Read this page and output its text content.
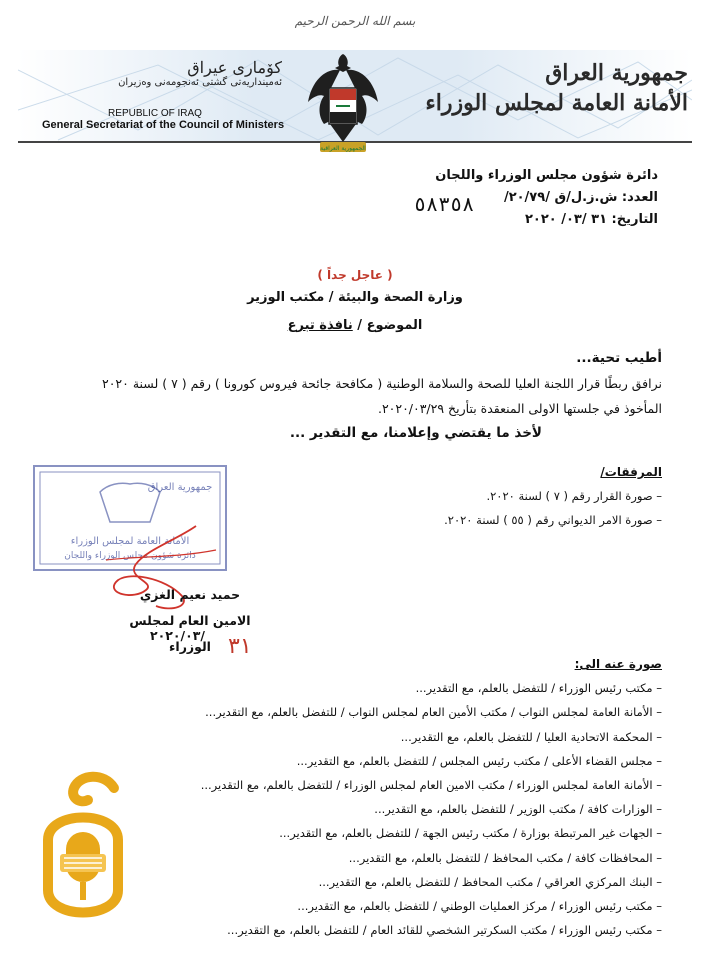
بسم الله الرحمن الرحيم
جمهورية العراق
الأمانة العامة لمجلس الوزراء
كۆماری عیراق
ئه‌مینداریه‌تی گشتی ئه‌نجومه‌نی وه‌زیران
REPUBLIC OF IRAQ
General Secretariat of the Council of Ministers
الجمهورية العراقية
دائرة شؤون مجلس الوزراء واللجان
العدد: ش.ز.ل/ق /٢٠/٧٩/
التاريخ: ٣١ /٠٣/ ٢٠٢٠
٥٨٣٥٨
( عاجل جداً )
وزارة الصحة والبيئة / مكتب الوزير
الموضوع / نافذة تبرع

أطيب تحية...

نرافق ربطًا قرار اللجنة العليا للصحة والسلامة الوطنية ( مكافحة جائحة فيروس كورونا ) رقم ( ٧ ) لسنة ٢٠٢٠ المأخوذ في جلستها الاولى المنعقدة بتأريخ ٢٠٢٠/٠٣/٢٩.

لأخذ ما يقتضي وإعلامنا، مع التقدير ...

المرفقات/
– صورة القرار رقم ( ٧ ) لسنة ٢٠٢٠.
– صورة الامر الديواني رقم ( ٥٥ ) لسنة ٢٠٢٠.
جمهورية العراق
الأمانة العامة لمجلس الوزراء
دائرة شؤون مجلس الوزراء واللجان
حميد نعيم الغزي
الامين العام لمجلس الوزراء
٢٠٢٠/٠٣/ ٣١
صورة عنه الى:
– مكتب رئيس الوزراء / للتفضل بالعلم، مع التقدير...
– الأمانة العامة لمجلس النواب / مكتب الأمين العام لمجلس النواب / للتفضل بالعلم، مع التقدير...
– المحكمة الاتحادية العليا / للتفضل بالعلم، مع التقدير...
– مجلس القضاء الأعلى / مكتب رئيس المجلس / للتفضل بالعلم، مع التقدير...
– الأمانة العامة لمجلس الوزراء / مكتب الامين العام لمجلس الوزراء / للتفضل بالعلم، مع التقدير...
– الوزارات كافة / مكتب الوزير / للتفضل بالعلم، مع التقدير...
– الجهات غير المرتبطة بوزارة / مكتب رئيس الجهة / للتفضل بالعلم، مع التقدير...
– المحافظات كافة / مكتب المحافظ / للتفضل بالعلم، مع التقدير...
– البنك المركزي العراقي / مكتب المحافظ / للتفضل بالعلم، مع التقدير...
– مكتب رئيس الوزراء / مركز العمليات الوطني / للتفضل بالعلم، مع التقدير...
– مكتب رئيس الوزراء / مكتب السكرتير الشخصي للقائد العام / للتفضل بالعلم، مع التقدير...
